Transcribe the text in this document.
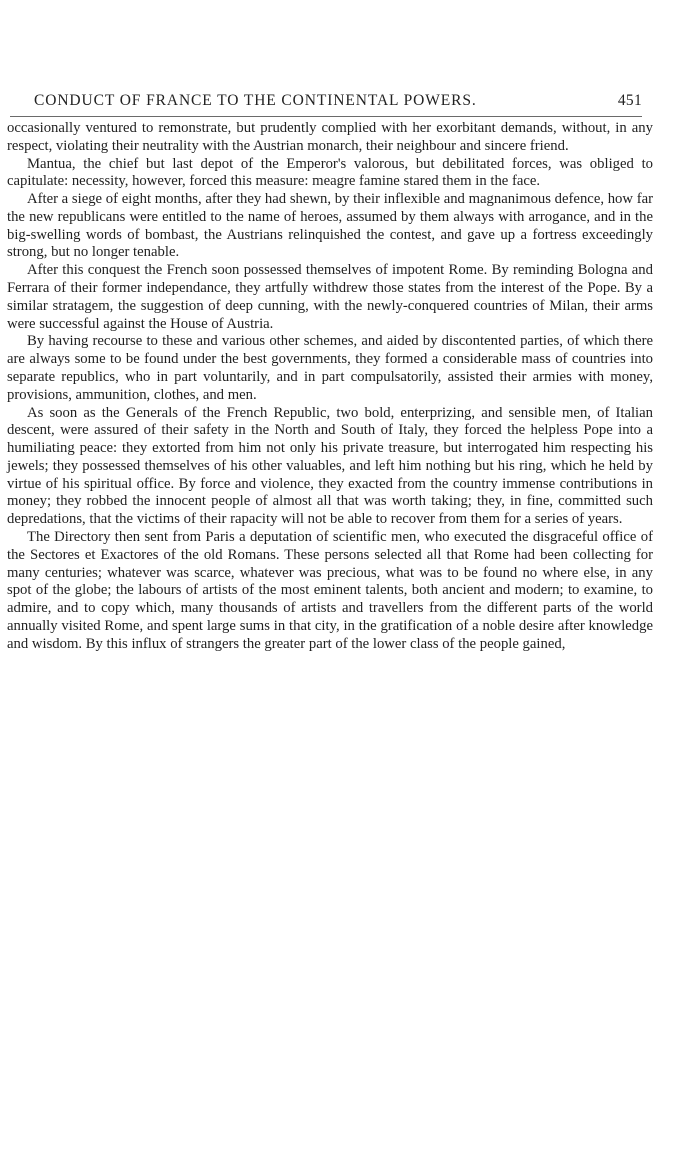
CONDUCT OF FRANCE TO THE CONTINENTAL POWERS.	451

occasionally ventured to remonstrate, but prudently complied with her exorbitant demands, without, in any respect, violating their neutrality with the Austrian monarch, their neighbour and sincere friend.

Mantua, the chief but last depot of the Emperor's valorous, but debilitated forces, was obliged to capitulate: necessity, however, forced this measure: meagre famine stared them in the face.

After a siege of eight months, after they had shewn, by their inflexible and magnanimous defence, how far the new republicans were entitled to the name of heroes, assumed by them always with arrogance, and in the big-swelling words of bombast, the Austrians relinquished the contest, and gave up a fortress exceedingly strong, but no longer tenable.

After this conquest the French soon possessed themselves of impotent Rome. By reminding Bologna and Ferrara of their former independance, they artfully withdrew those states from the interest of the Pope. By a similar stratagem, the suggestion of deep cunning, with the newly-conquered countries of Milan, their arms were successful against the House of Austria.

By having recourse to these and various other schemes, and aided by discontented parties, of which there are always some to be found under the best governments, they formed a considerable mass of countries into separate republics, who in part voluntarily, and in part compulsatorily, assisted their armies with money, provisions, ammunition, clothes, and men.

As soon as the Generals of the French Republic, two bold, enterprizing, and sensible men, of Italian descent, were assured of their safety in the North and South of Italy, they forced the helpless Pope into a humiliating peace: they extorted from him not only his private treasure, but interrogated him respecting his jewels; they possessed themselves of his other valuables, and left him nothing but his ring, which he held by virtue of his spiritual office. By force and violence, they exacted from the country immense contributions in money; they robbed the innocent people of almost all that was worth taking; they, in fine, committed such depredations, that the victims of their rapacity will not be able to recover from them for a series of years.

The Directory then sent from Paris a deputation of scientific men, who executed the disgraceful office of the Sectores et Exactores of the old Romans. These persons selected all that Rome had been collecting for many centuries; whatever was scarce, whatever was precious, what was to be found no where else, in any spot of the globe; the labours of artists of the most eminent talents, both ancient and modern; to examine, to admire, and to copy which, many thousands of artists and travellers from the different parts of the world annually visited Rome, and spent large sums in that city, in the gratification of a noble desire after knowledge and wisdom. By this influx of strangers the greater part of the lower class of the people gained,
